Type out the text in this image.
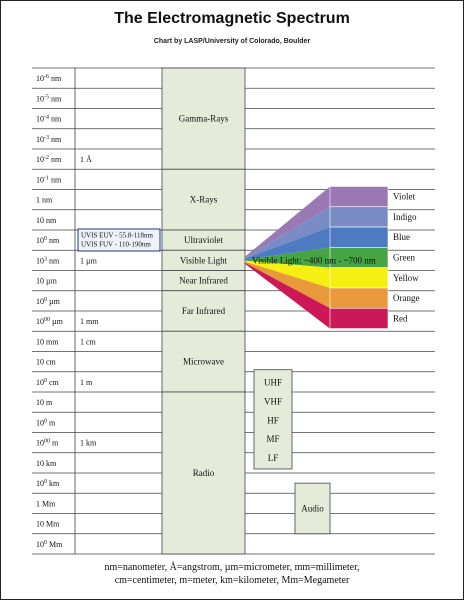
The Electromagnetic Spectrum
Chart by LASP/University of Colorado, Boulder
$10^{-6}$ nm
$10^{-5}$ nm
$10^{-4}$ nm
$10^{-3}$ nm
$10^{-2}$ nm
$10^{-1}$ nm
1 nm
10 nm
$10^0$ nm
$10^3$ nm
10 µm
$10^0$ µm
$10^{00}$ µm
10 mm
10 cm
$10^0$ cm
10 m
$10^0$ m
$10^{00}$ m
10 km
$10^0$ km
1 Mm
10 Mm
$10^0$ Mm
1 Å
1 µm
1 mm
1 cm
1 m
1 km
Gamma-Rays
X-Rays
Ultraviolet
Visible Light
Near Infrared
Far Infrared
Microwave
Radio
Violet
Indigo
Blue
Green
Yellow
Orange
Red
Visible Light: ~400 nm - ~700 nm
UVIS EUV - 55.8-118nm
UVIS FUV - 110-190nm
UHF
VHF
HF
MF
LF
Audio
nm=nanometer, Å=angstrom, µm=micrometer, mm=millimeter,
cm=centimeter, m=meter, km=kilometer, Mm=Megameter
